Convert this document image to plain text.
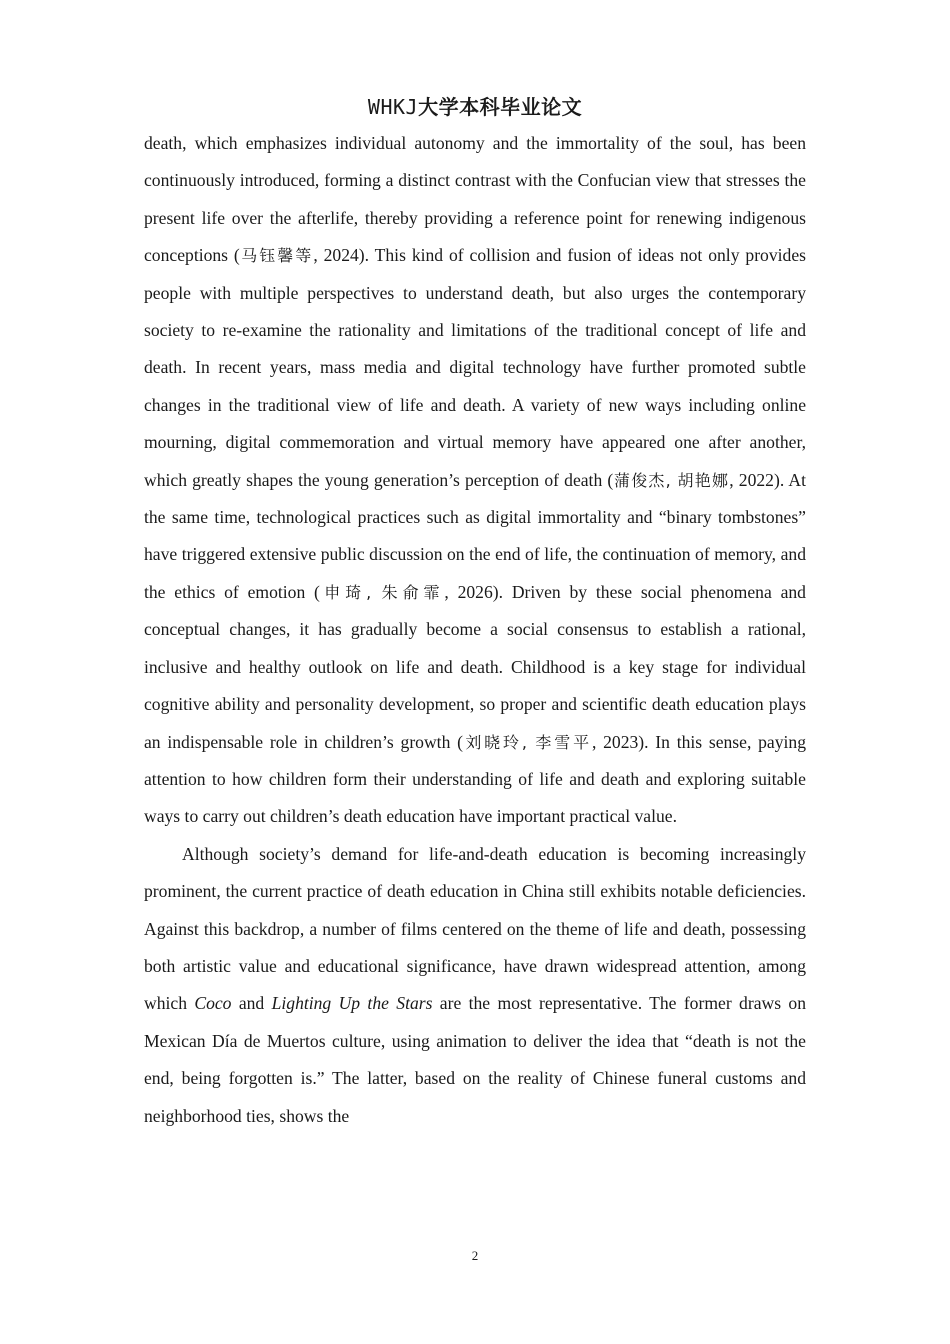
WHKJ大学本科毕业论文

death, which emphasizes individual autonomy and the immortality of the soul, has been continuously introduced, forming a distinct contrast with the Confucian view that stresses the present life over the afterlife, thereby providing a reference point for renewing indigenous conceptions (马钰馨等, 2024). This kind of collision and fusion of ideas not only provides people with multiple perspectives to understand death, but also urges the contemporary society to re-examine the rationality and limitations of the traditional concept of life and death. In recent years, mass media and digital technology have further promoted subtle changes in the traditional view of life and death. A variety of new ways including online mourning, digital commemoration and virtual memory have appeared one after another, which greatly shapes the young generation’s perception of death (蒲俊杰, 胡艳娜, 2022). At the same time, technological practices such as digital immortality and “binary tombstones” have triggered extensive public discussion on the end of life, the continuation of memory, and the ethics of emotion (申琦, 朱俞霏, 2026). Driven by these social phenomena and conceptual changes, it has gradually become a social consensus to establish a rational, inclusive and healthy outlook on life and death. Childhood is a key stage for individual cognitive ability and personality development, so proper and scientific death education plays an indispensable role in children’s growth (刘晓玲, 李雪平, 2023). In this sense, paying attention to how children form their understanding of life and death and exploring suitable ways to carry out children’s death education have important practical value.

Although society’s demand for life-and-death education is becoming increasingly prominent, the current practice of death education in China still exhibits notable deficiencies. Against this backdrop, a number of films centered on the theme of life and death, possessing both artistic value and educational significance, have drawn widespread attention, among which Coco and Lighting Up the Stars are the most representative. The former draws on Mexican Día de Muertos culture, using animation to deliver the idea that “death is not the end, being forgotten is.” The latter, based on the reality of Chinese funeral customs and neighborhood ties, shows the

2
